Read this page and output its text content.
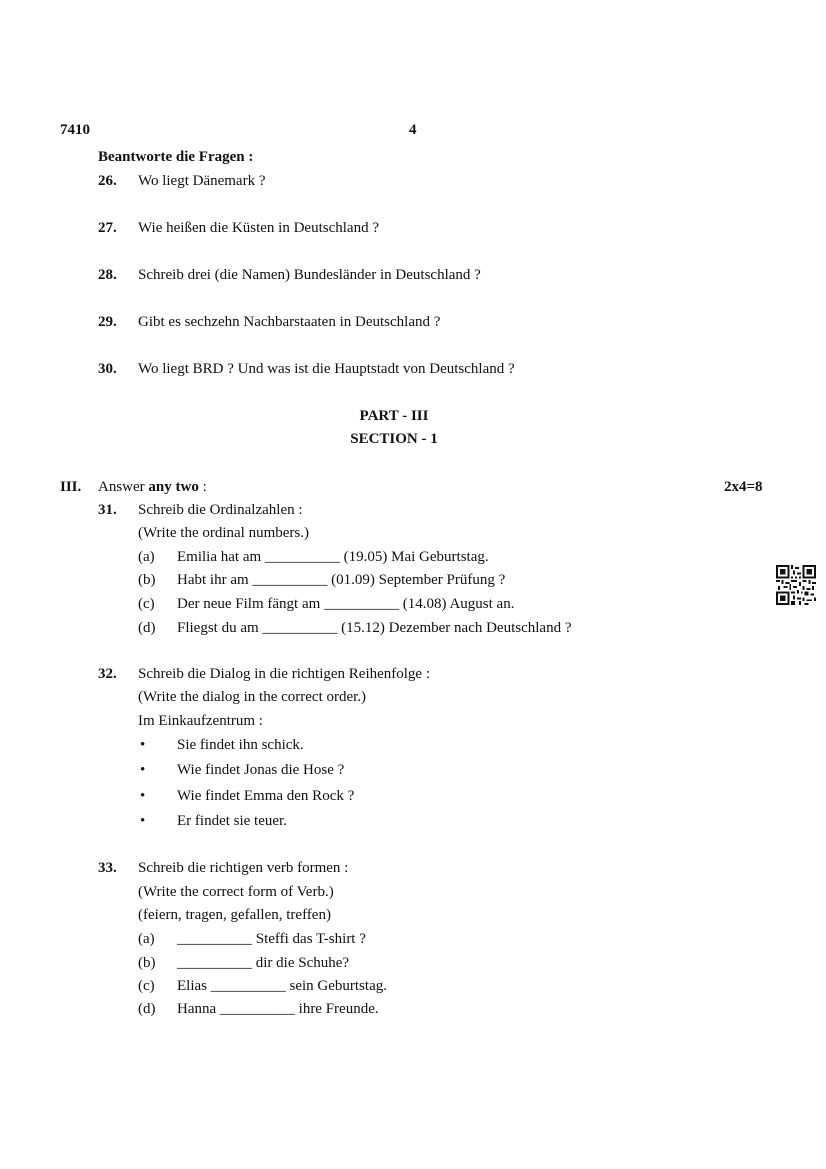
7410	4
Beantworte die Fragen :
26. Wo liegt Dänemark ?
27. Wie heißen die Küsten in Deutschland ?
28. Schreib drei (die Namen) Bundesländer in Deutschland ?
29. Gibt es sechzehn Nachbarstaaten in Deutschland ?
30. Wo liegt BRD ? Und was ist die Hauptstadt von Deutschland ?
PART - III
SECTION - 1
III. Answer any two :	2x4=8
31. Schreib die Ordinalzahlen :
(Write the ordinal numbers.)
(a) Emilia hat am __________ (19.05) Mai Geburtstag.
(b) Habt ihr am __________ (01.09) September Prüfung ?
(c) Der neue Film fängt am __________ (14.08) August an.
(d) Fliegst du am __________ (15.12) Dezember nach Deutschland ?
32. Schreib die Dialog in die richtigen Reihenfolge :
(Write the dialog in the correct order.)
Im Einkaufzentrum :
• Sie findet ihn schick.
• Wie findet Jonas die Hose ?
• Wie findet Emma den Rock ?
• Er findet sie teuer.
33. Schreib die richtigen verb formen :
(Write the correct form of Verb.)
(feiern, tragen, gefallen, treffen)
(a) __________ Steffi das T-shirt ?
(b) __________ dir die Schuhe?
(c) Elias __________ sein Geburtstag.
(d) Hanna __________ ihre Freunde.
